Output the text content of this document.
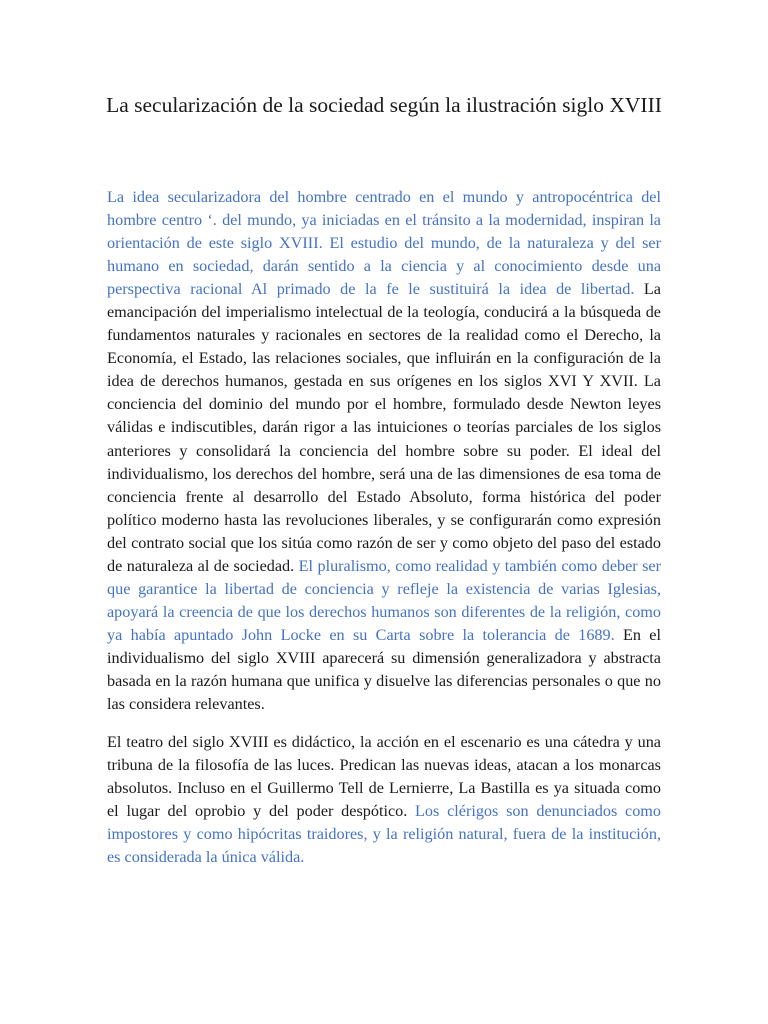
La secularización de la sociedad según la ilustración siglo XVIII

La idea secularizadora del hombre centrado en el mundo y antropocéntrica del hombre centro ‘. del mundo, ya iniciadas en el tránsito a la modernidad, inspiran la orientación de este siglo XVIII. El estudio del mundo, de la naturaleza y del ser humano en sociedad, darán sentido a la ciencia y al conocimiento desde una perspectiva racional Al primado de la fe le sustituirá la idea de libertad. La emancipación del imperialismo intelectual de la teología, conducirá a la búsqueda de fundamentos naturales y racionales en sectores de la realidad como el Derecho, la Economía, el Estado, las relaciones sociales, que influirán en la configuración de la idea de derechos humanos, gestada en sus orígenes en los siglos XVI Y XVII. La conciencia del dominio del mundo por el hombre, formulado desde Newton leyes válidas e indiscutibles, darán rigor a las intuiciones o teorías parciales de los siglos anteriores y consolidará la conciencia del hombre sobre su poder. El ideal del individualismo, los derechos del hombre, será una de las dimensiones de esa toma de conciencia frente al desarrollo del Estado Absoluto, forma histórica del poder político moderno hasta las revoluciones liberales, y se configurarán como expresión del contrato social que los sitúa como razón de ser y como objeto del paso del estado de naturaleza al de sociedad. El pluralismo, como realidad y también como deber ser que garantice la libertad de conciencia y refleje la existencia de varias Iglesias, apoyará la creencia de que los derechos humanos son diferentes de la religión, como ya había apuntado John Locke en su Carta sobre la tolerancia de 1689. En el individualismo del siglo XVIII aparecerá su dimensión generalizadora y abstracta basada en la razón humana que unifica y disuelve las diferencias personales o que no las considera relevantes.

El teatro del siglo XVIII es didáctico, la acción en el escenario es una cátedra y una tribuna de la filosofía de las luces. Predican las nuevas ideas, atacan a los monarcas absolutos. Incluso en el Guillermo Tell de Lernierre, La Bastilla es ya situada como el lugar del oprobio y del poder despótico. Los clérigos son denunciados como impostores y como hipócritas traidores, y la religión natural, fuera de la institución, es considerada la única válida.
